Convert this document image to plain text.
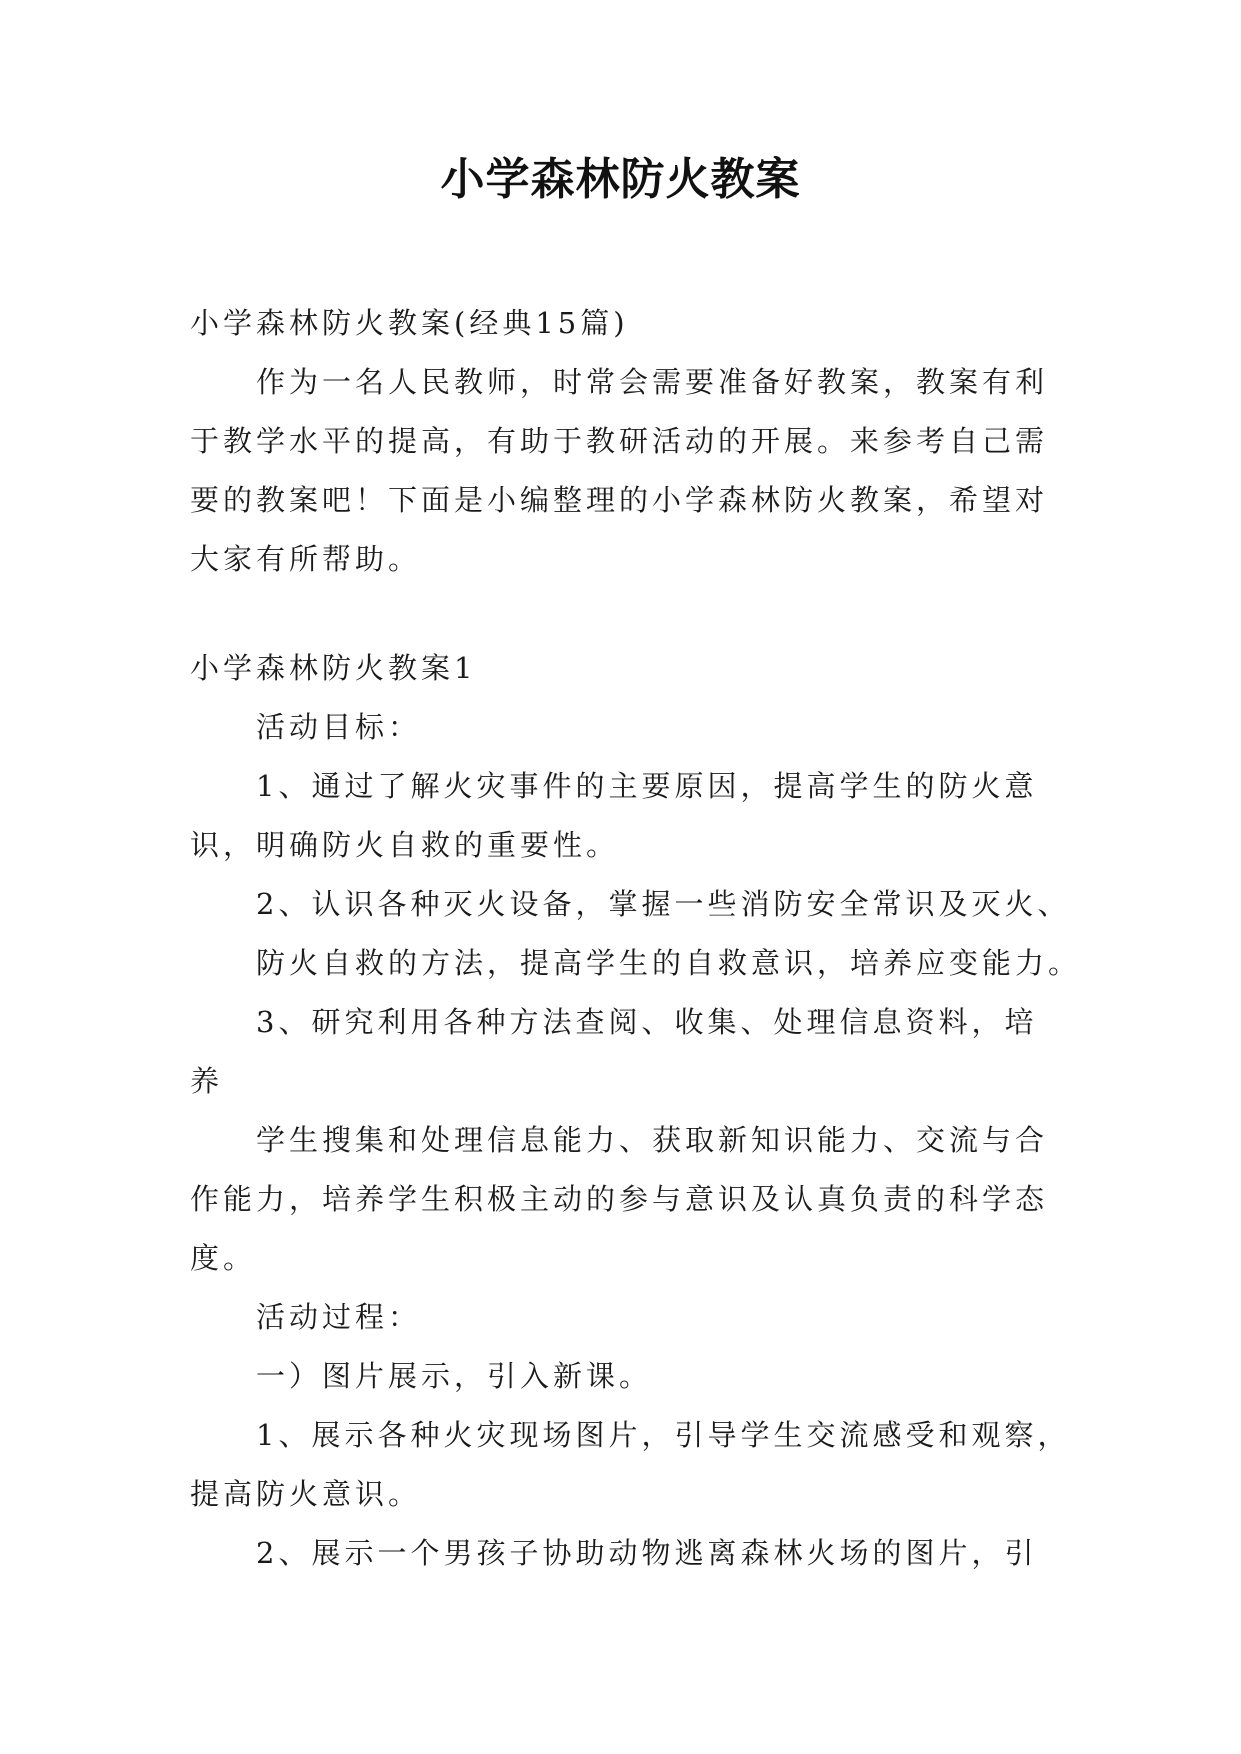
小学森林防火教案
小学森林防火教案(经典15篇)
作为一名人民教师，时常会需要准备好教案，教案有利
于教学水平的提高，有助于教研活动的开展。来参考自己需
要的教案吧！下面是小编整理的小学森林防火教案，希望对
大家有所帮助。
小学森林防火教案1
活动目标：
1、通过了解火灾事件的主要原因，提高学生的防火意
识，明确防火自救的重要性。
2、认识各种灭火设备，掌握一些消防安全常识及灭火、
防火自救的方法，提高学生的自救意识，培养应变能力。
3、研究利用各种方法查阅、收集、处理信息资料，培
养
学生搜集和处理信息能力、获取新知识能力、交流与合
作能力，培养学生积极主动的参与意识及认真负责的科学态
度。
活动过程：
一）图片展示，引入新课。
1、展示各种火灾现场图片，引导学生交流感受和观察，
提高防火意识。
2、展示一个男孩子协助动物逃离森林火场的图片，引
